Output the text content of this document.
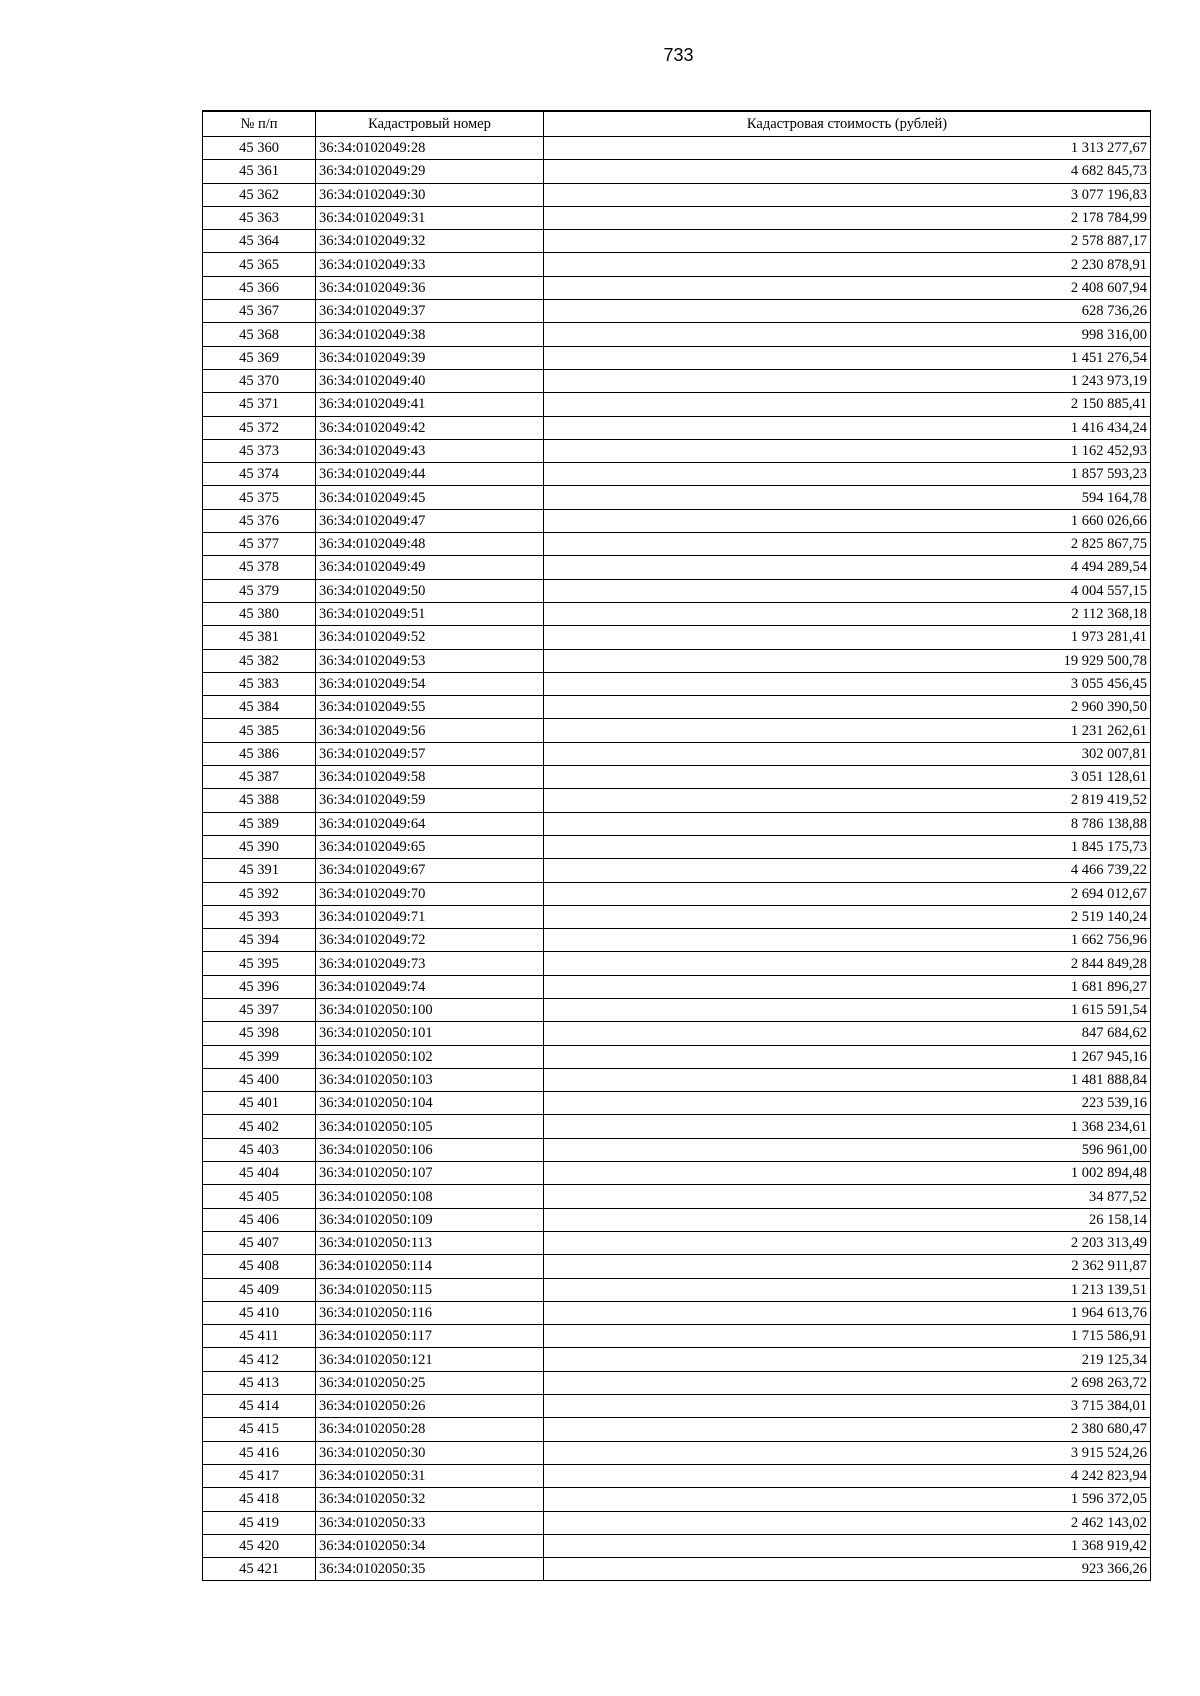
733
№ п/п	Кадастровый номер	Кадастровая стоимость (рублей)
45 360	36:34:0102049:28	1 313 277,67
45 361	36:34:0102049:29	4 682 845,73
45 362	36:34:0102049:30	3 077 196,83
45 363	36:34:0102049:31	2 178 784,99
45 364	36:34:0102049:32	2 578 887,17
45 365	36:34:0102049:33	2 230 878,91
45 366	36:34:0102049:36	2 408 607,94
45 367	36:34:0102049:37	628 736,26
45 368	36:34:0102049:38	998 316,00
45 369	36:34:0102049:39	1 451 276,54
45 370	36:34:0102049:40	1 243 973,19
45 371	36:34:0102049:41	2 150 885,41
45 372	36:34:0102049:42	1 416 434,24
45 373	36:34:0102049:43	1 162 452,93
45 374	36:34:0102049:44	1 857 593,23
45 375	36:34:0102049:45	594 164,78
45 376	36:34:0102049:47	1 660 026,66
45 377	36:34:0102049:48	2 825 867,75
45 378	36:34:0102049:49	4 494 289,54
45 379	36:34:0102049:50	4 004 557,15
45 380	36:34:0102049:51	2 112 368,18
45 381	36:34:0102049:52	1 973 281,41
45 382	36:34:0102049:53	19 929 500,78
45 383	36:34:0102049:54	3 055 456,45
45 384	36:34:0102049:55	2 960 390,50
45 385	36:34:0102049:56	1 231 262,61
45 386	36:34:0102049:57	302 007,81
45 387	36:34:0102049:58	3 051 128,61
45 388	36:34:0102049:59	2 819 419,52
45 389	36:34:0102049:64	8 786 138,88
45 390	36:34:0102049:65	1 845 175,73
45 391	36:34:0102049:67	4 466 739,22
45 392	36:34:0102049:70	2 694 012,67
45 393	36:34:0102049:71	2 519 140,24
45 394	36:34:0102049:72	1 662 756,96
45 395	36:34:0102049:73	2 844 849,28
45 396	36:34:0102049:74	1 681 896,27
45 397	36:34:0102050:100	1 615 591,54
45 398	36:34:0102050:101	847 684,62
45 399	36:34:0102050:102	1 267 945,16
45 400	36:34:0102050:103	1 481 888,84
45 401	36:34:0102050:104	223 539,16
45 402	36:34:0102050:105	1 368 234,61
45 403	36:34:0102050:106	596 961,00
45 404	36:34:0102050:107	1 002 894,48
45 405	36:34:0102050:108	34 877,52
45 406	36:34:0102050:109	26 158,14
45 407	36:34:0102050:113	2 203 313,49
45 408	36:34:0102050:114	2 362 911,87
45 409	36:34:0102050:115	1 213 139,51
45 410	36:34:0102050:116	1 964 613,76
45 411	36:34:0102050:117	1 715 586,91
45 412	36:34:0102050:121	219 125,34
45 413	36:34:0102050:25	2 698 263,72
45 414	36:34:0102050:26	3 715 384,01
45 415	36:34:0102050:28	2 380 680,47
45 416	36:34:0102050:30	3 915 524,26
45 417	36:34:0102050:31	4 242 823,94
45 418	36:34:0102050:32	1 596 372,05
45 419	36:34:0102050:33	2 462 143,02
45 420	36:34:0102050:34	1 368 919,42
45 421	36:34:0102050:35	923 366,26
